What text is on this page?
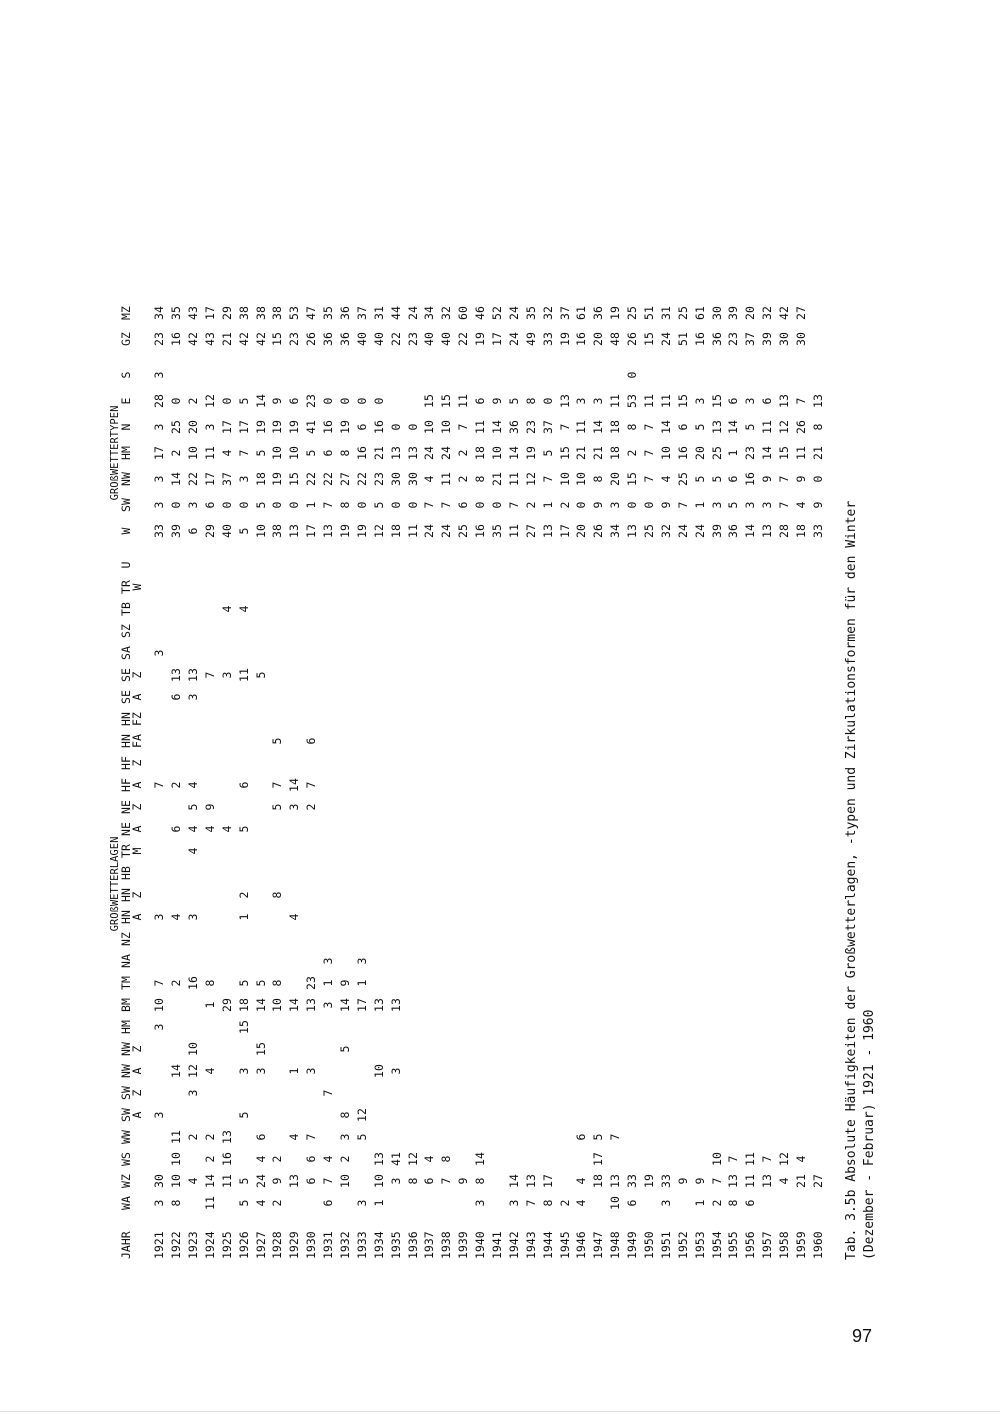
	GROßWETTERLAGEN																															GROßWETTERTYPEN									
JAHR	WA	WZ	WS	WW	SW	SW	NW	NW	HM	BM	TM	NA	NZ	HN	HN	HB	TR	NE	NE	HF	HF	HN	HN	SE	SE	SA	SZ	TB	TR	U		W	SW	NW	HM	N	E	S		GZ	MZ
					A	Z	A	Z						A	Z		M	A	Z	A	Z	FA	FZ	A	Z				W												
1921	3	30			3				3	10	7			3						7						3						33	3	3	17	3	28	3		23	34
1922	8	10	10	11			14				2			4				6		2				6	13							39	0	14	2	25	0			16	35
1923		4		2		3	12	10			16			3			4	4	5	4				3	13							6	3	22	10	20	2			42	43
1924	11	14	2	2			4			1	8							4	9						7							29	6	17	11	3	12			43	17
1925		11	16	13						29								4							3			4				40	0	37	4	17	0			21	29
1926	5	5			5		3		15	18	5			1	2			5		6					11			4				5	0	3	7	17	5			42	38
1927	4	24	4	6			3	15		14	5														5							10	5	18	5	19	14			42	38
1928	2	9	2							10	8				8				5	7		5										38	0	19	10	19	9			15	38
1929		13		4			1			14				4					3	14												13	0	15	10	19	6			23	53
1930		6	6	7			3			13	23								2	7		6										17	1	22	5	41	23			26	47
1931	6	7	4			7				3	1	3																				13	7	22	6	16	0			36	35
1932		10	2	3	8			5		14	9																					19	8	27	8	19	0			36	36
1933	3			5	12					17	1	3																				19	0	22	16	6	0			40	37
1934	1	10	13				10			13																						12	5	23	21	16	0			40	31
1935		3	41				3			13																						18	0	30	13	0				22	44
1936		8	12																													11	0	30	13	0				23	24
1937		6	4																													24	7	4	24	10	15			40	34
1938		7	8																													24	7	11	24	10	15			40	32
1939		9																														25	6	2	2	7	11			22	60
1940	3	8	14																													16	0	8	18	11	6			19	46
1941																																35	0	21	10	14	9			17	52
1942	3	14																														11	7	11	14	36	5			24	24
1943	7	13																														27	2	12	19	23	8			49	35
1944	8	17																														13	1	7	5	37	0			33	32
1945	2																															17	2	10	15	7	13			19	37
1946	4	4		6																												20	0	10	21	11	3			16	61
1947		18	17	5																												26	9	8	21	14	3			20	36
1948	10	13		7																												34	3	20	18	18	11			48	19
1949	6	33																														13	0	15	2	8	53	0		26	25
1950		19																														25	0	7	7	7	11			15	51
1951	3	33																														32	9	4	10	14	11			24	31
1952		9																														24	7	25	16	6	15			51	25
1953	1	9																														24	1	5	20	5	3			16	61
1954	2	7	10																													39	3	5	25	13	15			36	30
1955	8	13	7																													36	5	6	1	14	6			23	39
1956	6	11	11																													14	3	16	23	5	3			37	20
1957		13	7																													13	3	9	14	11	6			39	32
1958		4	12																													28	7	7	15	12	13			30	42
1959		21	4																													18	4	9	11	26	7			30	27
1960		27																														33	9	0	21	8	13				
Tab. 3.5b Absolute Häufigkeiten der Großwetterlagen, -typen und Zirkulationsformen für den Winter (Dezember - Februar) 1921 - 1960
97
